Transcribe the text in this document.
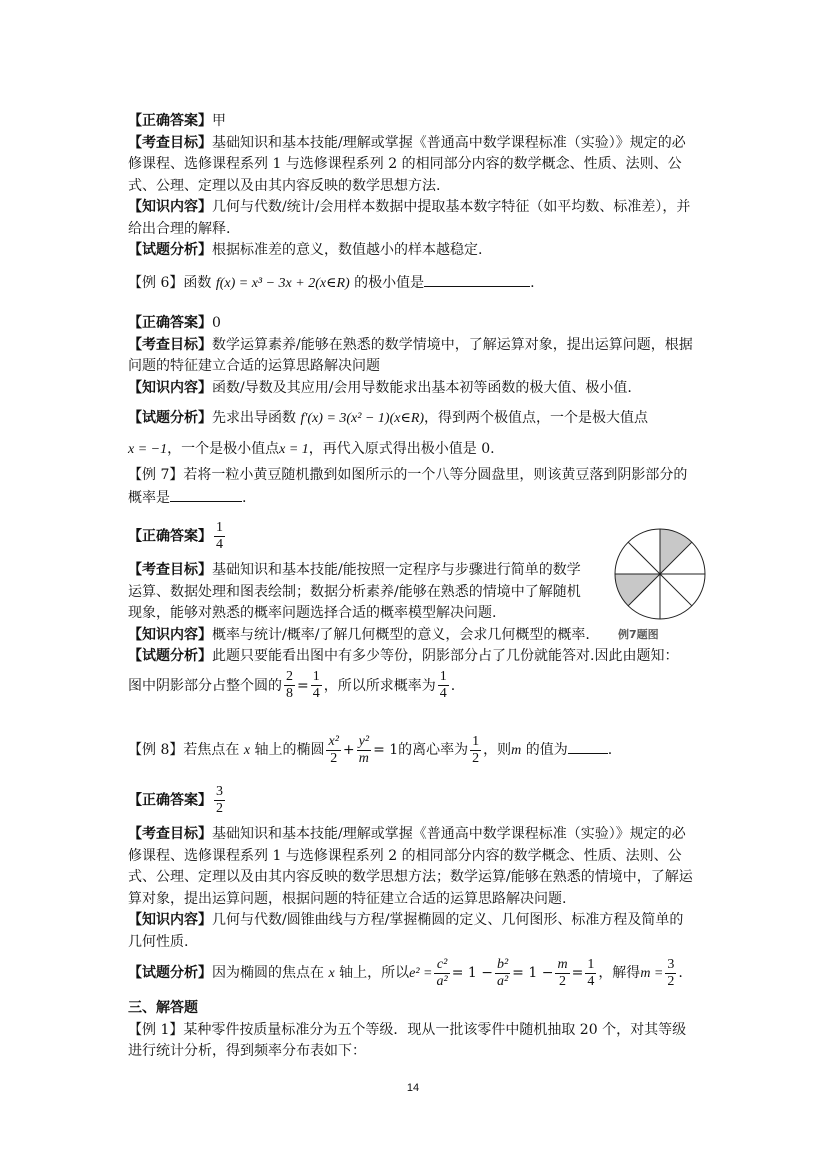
【正确答案】甲
【考查目标】基础知识和基本技能/理解或掌握《普通高中数学课程标准（实验）》规定的必
修课程、选修课程系列 1 与选修课程系列 2 的相同部分内容的数学概念、性质、法则、公
式、公理、定理以及由其内容反映的数学思想方法.
【知识内容】几何与代数/统计/会用样本数据中提取基本数字特征（如平均数、标准差），并
给出合理的解释.
【试题分析】根据标准差的意义，数值越小的样本越稳定.
【例 6】函数 f(x) = x³ − 3x + 2(x∈R) 的极小值是	.
【正确答案】0
【考查目标】数学运算素养/能够在熟悉的数学情境中，了解运算对象，提出运算问题，根据
问题的特征建立合适的运算思路解决问题
【知识内容】函数/导数及其应用/会用导数能求出基本初等函数的极大值、极小值.
【试题分析】先求出导函数 f′(x) = 3(x² − 1)(x∈R)，得到两个极值点，一个是极大值点
x = −1，一个是极小值点x = 1，再代入原式得出极小值是 0.
【例 7】若将一粒小黄豆随机撒到如图所示的一个八等分圆盘里，则该黄豆落到阴影部分的
概率是	.
【正确答案】 $\frac{1}{4}$
【考查目标】基础知识和基本技能/能按照一定程序与步骤进行简单的数学
运算、数据处理和图表绘制；数据分析素养/能够在熟悉的情境中了解随机
现象，能够对熟悉的概率问题选择合适的概率模型解决问题.
【知识内容】概率与统计/概率/了解几何概型的意义，会求几何概型的概率.
【试题分析】此题只要能看出图中有多少等份，阴影部分占了几份就能答对.因此由题知：
图中阴影部分占整个圆的 $\frac{2}{8} = \frac{1}{4}$ ，所以所求概率为 $\frac{1}{4}$ .
例7题图
【例 8】若焦点在 x 轴上的椭圆 $\frac{\text{x²}}{2} + \frac{\text{y²}}{m} = 1$的离心率为 $\frac{1}{2}$ ，则m 的值为	.
【正确答案】 $\frac{3}{2}$
【考查目标】基础知识和基本技能/理解或掌握《普通高中数学课程标准（实验）》规定的必
修课程、选修课程系列 1 与选修课程系列 2 的相同部分内容的数学概念、性质、法则、公
式、公理、定理以及由其内容反映的数学思想方法；数学运算/能够在熟悉的情境中，了解运
算对象，提出运算问题，根据问题的特征建立合适的运算思路解决问题.
【知识内容】几何与代数/圆锥曲线与方程/掌握椭圆的定义、几何图形、标准方程及简单的
几何性质.
【试题分析】因为椭圆的焦点在 x 轴上，所以$e^2 = \frac{\text{c²}}{\text{a²}} = 1 - \frac{\text{b²}}{\text{a²}} = 1 - \frac{m}{2} = \frac{1}{4}$ ，解得$m = \frac{3}{2}$ .
三、解答题
【例 1】某种零件按质量标准分为五个等级．现从一批该零件中随机抽取 20 个，对其等级
进行统计分析，得到频率分布表如下：
14
